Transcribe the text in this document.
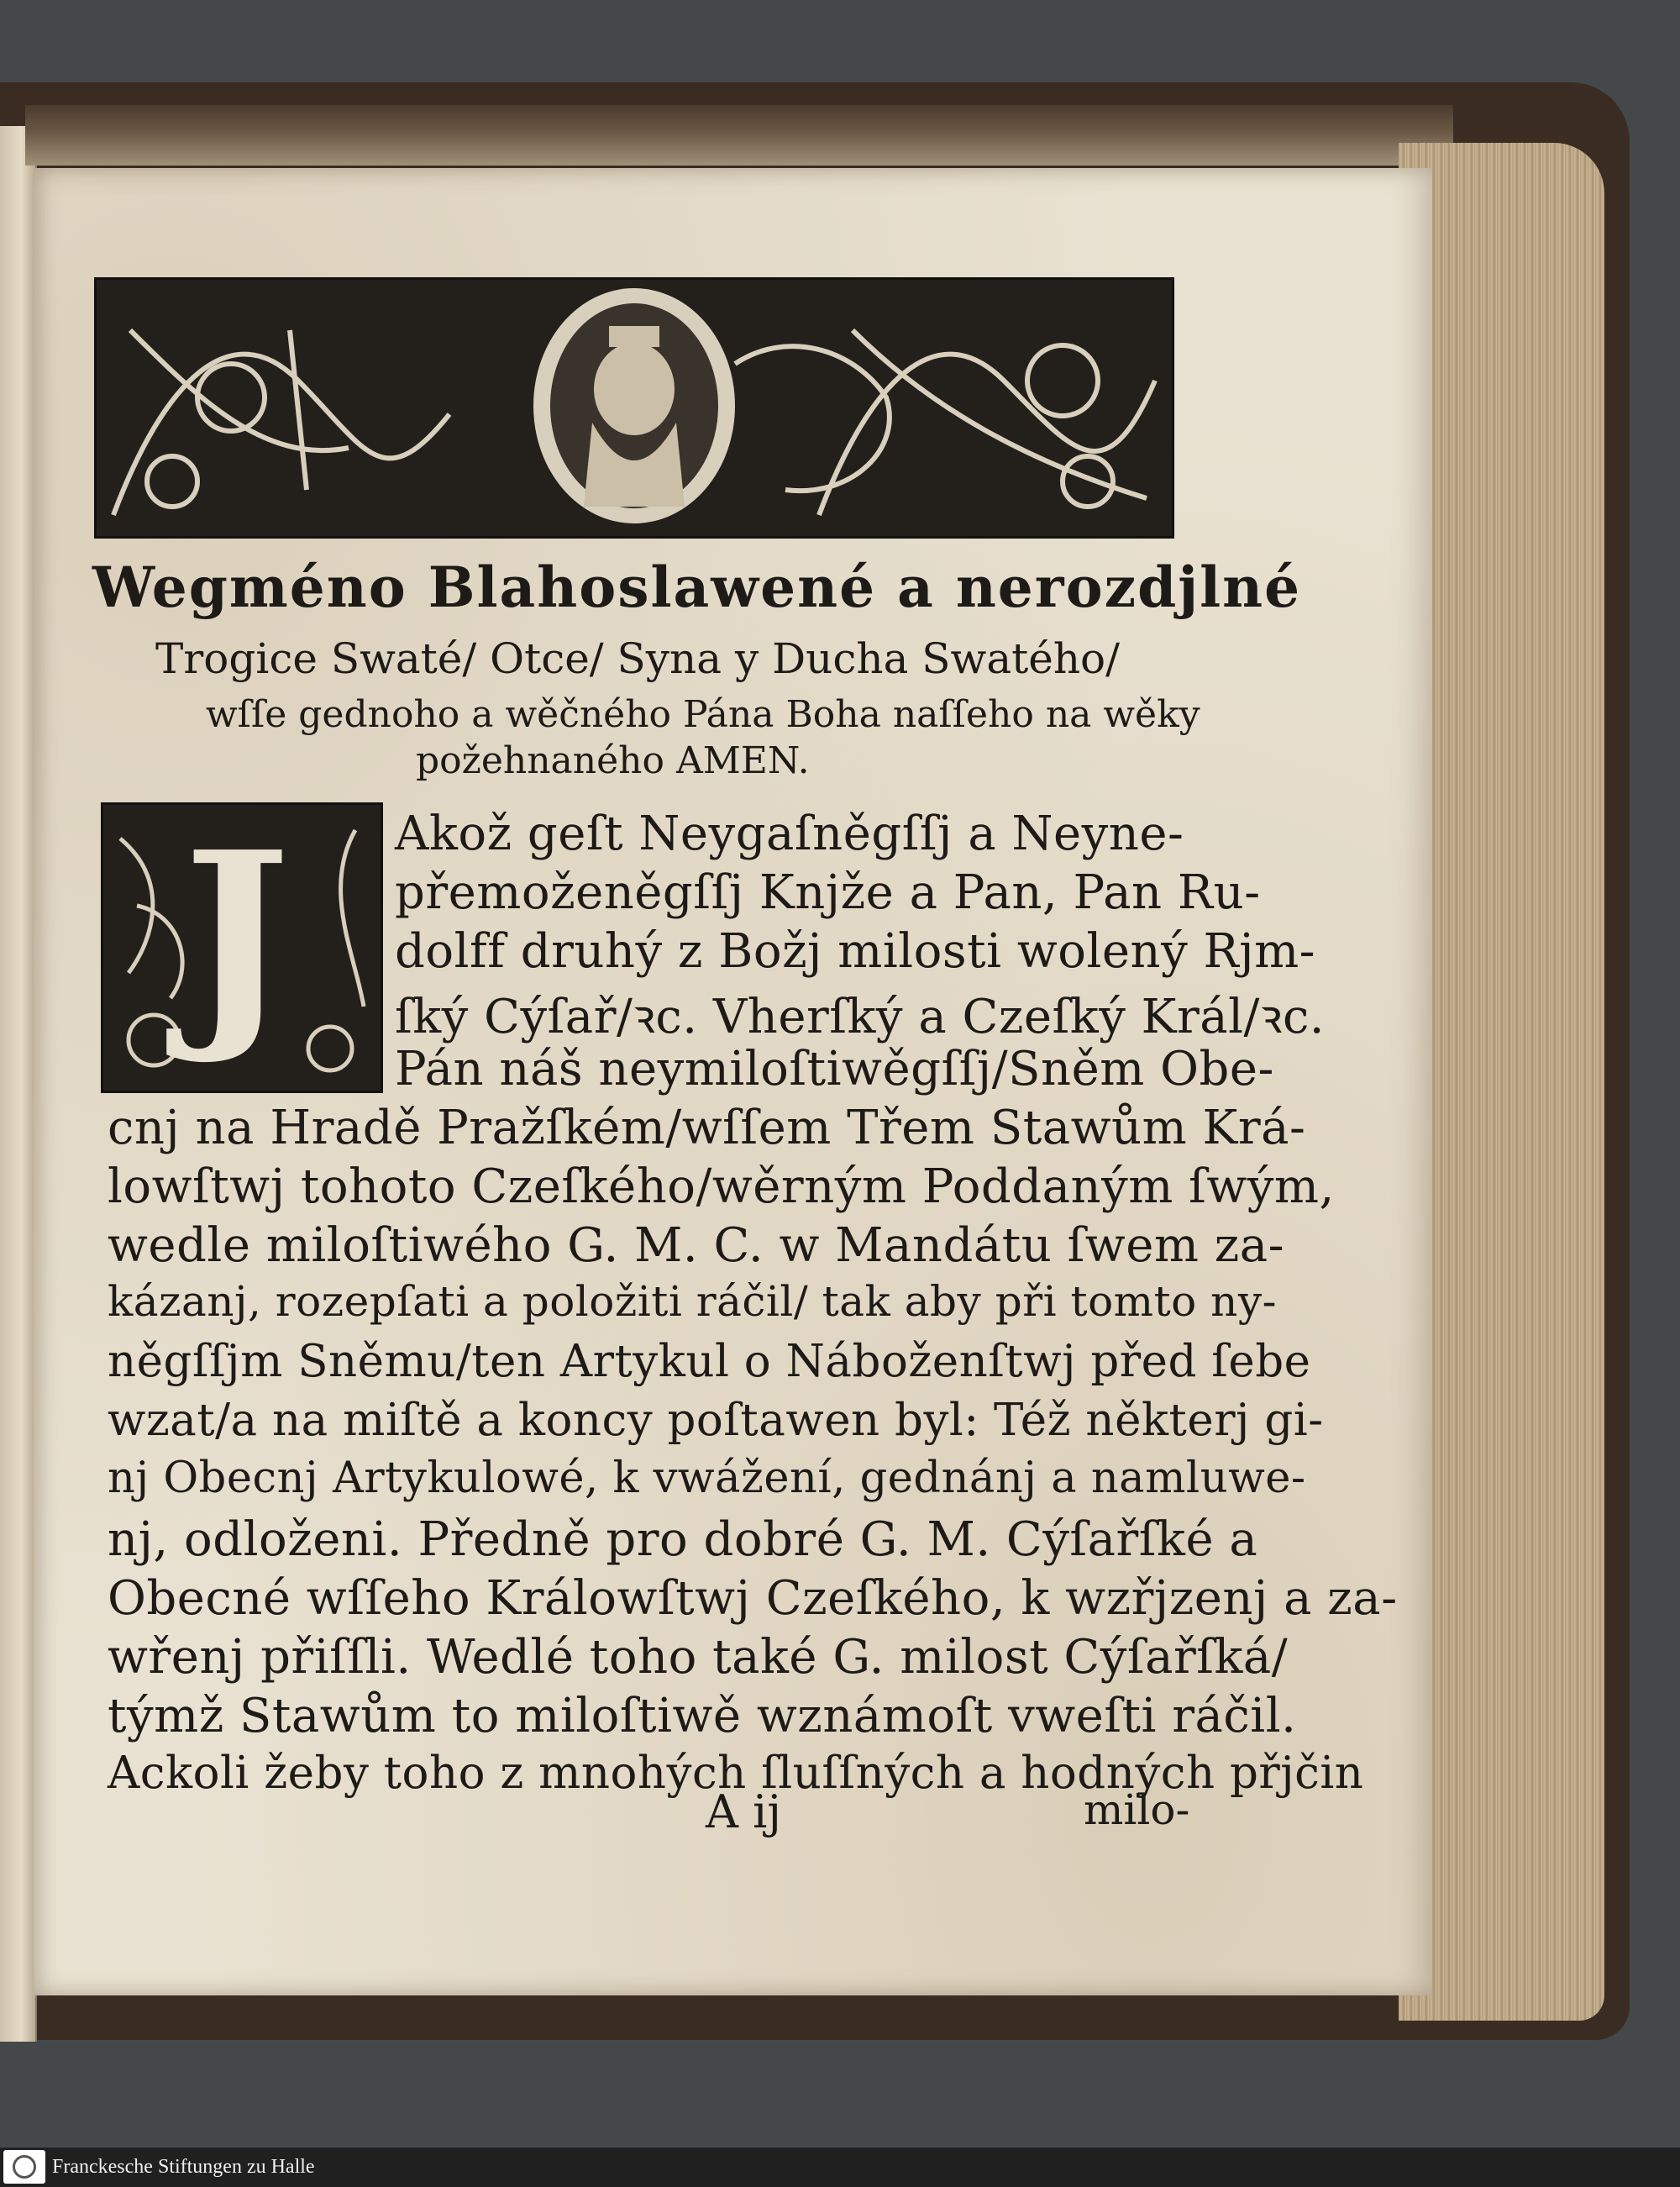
Wegméno Blahoslawené a nerozdjlné
Trogice Swaté/ Otce/ Syna y Ducha Swatého/
wſſe gednoho a wěčného Pána Boha naſſeho na wěky
požehnaného AMEN.
J Akož geſt Neygaſněgſſj a Neyne-
přemoženěgſſj Knjže a Pan, Pan Ru-
dolff druhý z Božj milosti wolený Rjm-
ſký Cýſař/ꝛc. Vherſký a Czeſký Král/ꝛc.
Pán náš neymiloſtiwěgſſj/Sněm Obe-
cnj na Hradě Pražſkém/wſſem Třem Stawům Krá-
lowſtwj tohoto Czeſkého/wěrným Poddaným ſwým,
wedle miloſtiwého G. M. C. w Mandátu ſwem za-
kázanj, rozepſati a položiti ráčil/ tak aby při tomto ny-
něgſſjm Sněmu/ten Artykul o Náboženſtwj před ſebe
wzat/a na miſtě a koncy poſtawen byl: Též některj gi-
nj Obecnj Artykulowé, k vwážení, gednánj a namluwe-
nj, odloženi. Předně pro dobré G. M. Cýſařſké a
Obecné wſſeho Králowſtwj Czeſkého, k wzřjzenj a za-
wřenj přiſſli. Wedlé toho také G. milost Cýſařſká/
týmž Stawům to miloſtiwě wznámoſt vweſti ráčil.
Ackoli žeby toho z mnohých ſluſſných a hodných přjčin
A ij	milo-
Franckesche Stiftungen zu Halle
